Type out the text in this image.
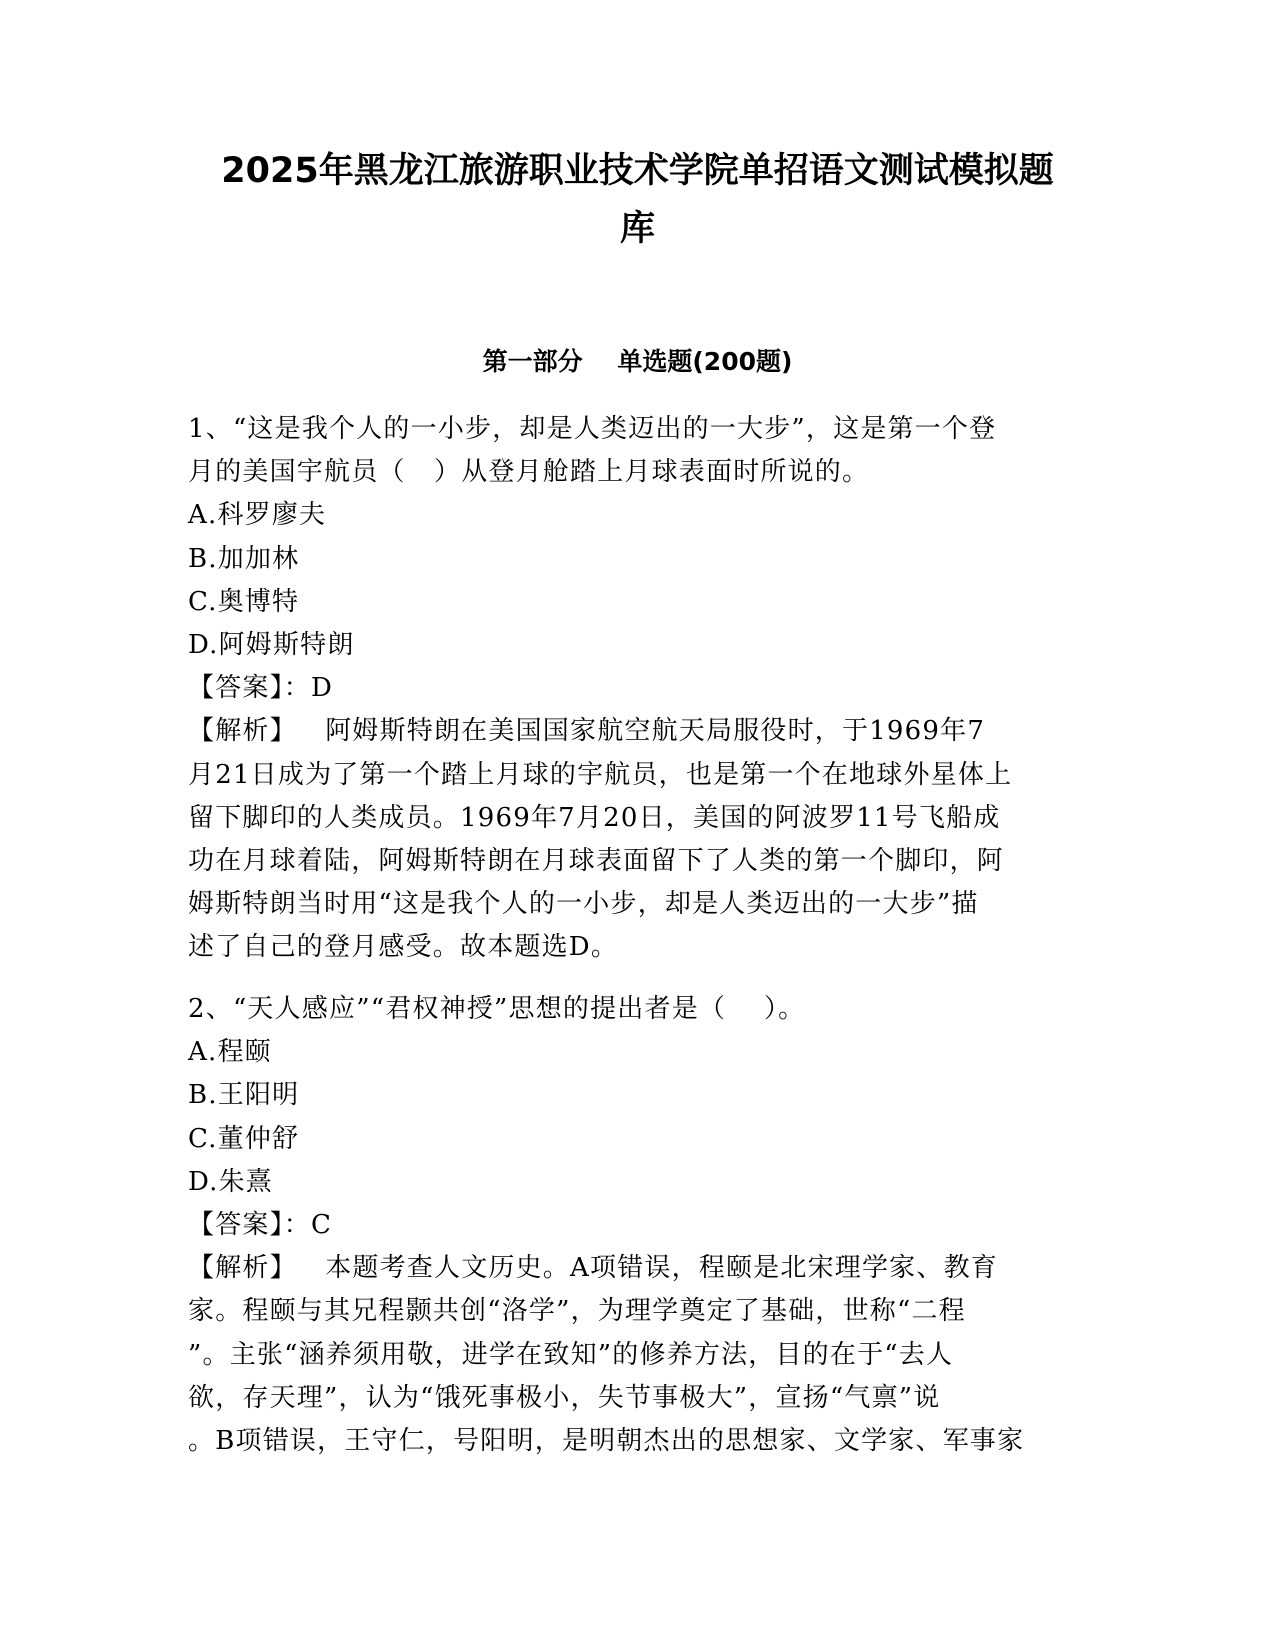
2025年黑龙江旅游职业技术学院单招语文测试模拟题
库
第一部分    单选题(200题)
1、“这是我个人的一小步，却是人类迈出的一大步”，这是第一个登
月的美国宇航员（   ）从登月舱踏上月球表面时所说的。
A.科罗廖夫
B.加加林
C.奥博特
D.阿姆斯特朗
【答案】：D
【解析】   阿姆斯特朗在美国国家航空航天局服役时，于1969年7
月21日成为了第一个踏上月球的宇航员，也是第一个在地球外星体上
留下脚印的人类成员。1969年7月20日，美国的阿波罗11号飞船成
功在月球着陆，阿姆斯特朗在月球表面留下了人类的第一个脚印，阿
姆斯特朗当时用“这是我个人的一小步，却是人类迈出的一大步”描
述了自己的登月感受。故本题选D。
2、“天人感应”“君权神授”思想的提出者是（    ）。
A.程颐
B.王阳明
C.董仲舒
D.朱熹
【答案】：C
【解析】   本题考查人文历史。A项错误，程颐是北宋理学家、教育
家。程颐与其兄程颢共创“洛学”，为理学奠定了基础，世称“二程
”。主张“涵养须用敬，进学在致知”的修养方法，目的在于“去人
欲，存天理”，认为“饿死事极小，失节事极大”，宣扬“气禀”说
。B项错误，王守仁，号阳明，是明朝杰出的思想家、文学家、军事家
